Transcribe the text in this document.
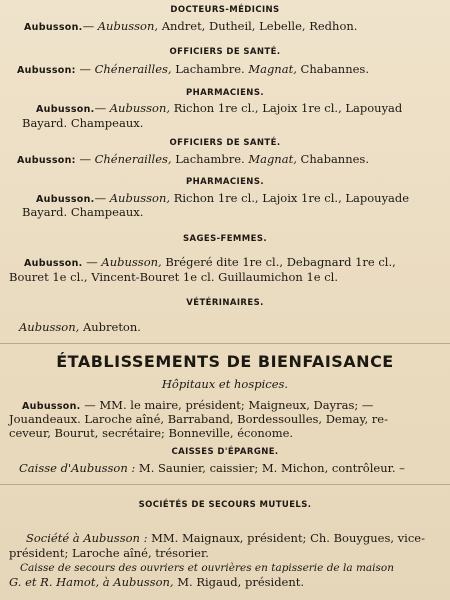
DOCTEURS-MÉDICINS
Aubusson.— Aubusson, Andret, Dutheil, Lebelle, Redhon.
OFFICIERS DE SANTÉ.
Aubusson: — Chénerailles, Lachambre. Magnat, Chabannes.
PHARMACIENS.
Aubusson.— Aubusson, Richon 1re cl., Lajoix 1re cl., Lapouyad
Bayard. Champeaux.
OFFICIERS DE SANTÉ.
Aubusson: — Chénerailles, Lachambre. Magnat, Chabannes.
PHARMACIENS.
Aubusson.— Aubusson, Richon 1re cl., Lajoix 1re cl., Lapouyade
Bayard. Champeaux.
SAGES-FEMMES.
Aubusson. — Aubusson, Brégeré dite 1re cl., Debagnard 1re cl.,
Bouret 1e cl., Vincent-Bouret 1e cl. Guillaumichon 1e cl.
VÉTÉRINAIRES.
Aubusson, Aubreton.
ÉTABLISSEMENTS DE BIENFAISANCE
Hôpitaux et hospices.
Aubusson. — MM. le maire, président; Maigneux, Dayras; —
Jouandeaux. Laroche aîné, Barraband, Bordessoulles, Demay, re-
ceveur, Bourut, secrétaire; Bonneville, économe.
CAISSES D'ÉPARGNE.
Caisse d'Aubusson : M. Saunier, caissier; M. Michon, contrôleur. –
SOCIÉTÉS DE SECOURS MUTUELS.
Société à Aubusson : MM. Maignaux, président; Ch. Bouygues, vice-
président; Laroche aîné, trésorier.
Caisse de secours des ouvriers et ouvrières en tapisserie de la maison
G. et R. Hamot, à Aubusson, M. Rigaud, président.
